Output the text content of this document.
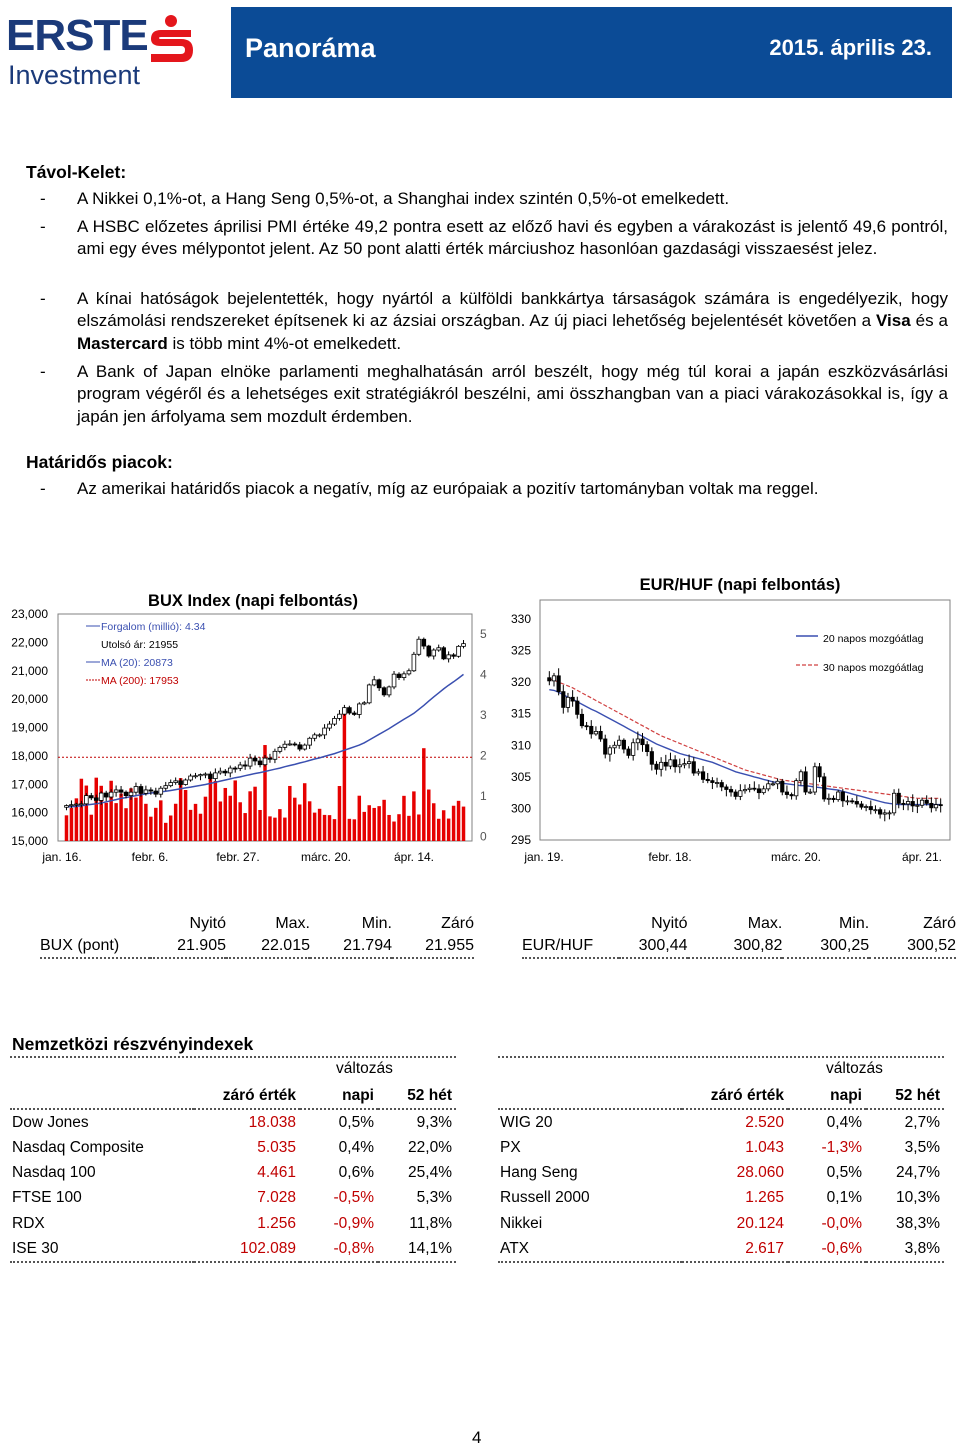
ERSTE
Investment
Panoráma	2015. április 23.
Távol-Kelet:
- A Nikkei 0,1%-ot, a Hang Seng 0,5%-ot, a Shanghai index szintén 0,5%-ot emelkedett.
- A HSBC előzetes áprilisi PMI értéke 49,2 pontra esett az előző havi és egyben a várakozást is jelentő 49,6 pontról, ami egy éves mélypontot jelent. Az 50 pont alatti érték márciushoz hasonlóan gazdasági visszaesést jelez.
- A kínai hatóságok bejelentették, hogy nyártól a külföldi bankkártya társaságok számára is engedélyezik, hogy elszámolási rendszereket építsenek ki az ázsiai országban. Az új piaci lehetőség bejelentését követően a Visa és a Mastercard is több mint 4%-ot emelkedett.
- A Bank of Japan elnöke parlamenti meghalhatásán arról beszélt, hogy még túl korai a japán eszközvásárlási program végéről és a lehetséges exit stratégiákról beszélni, ami összhangban van a piaci várakozásokkal is, így a japán jen árfolyama sem mozdult érdemben.
Határidős piacok:
- Az amerikai határidős piacok a negatív, míg az európaiak a pozitív tartományban voltak ma reggel.
BUX Index (napi felbontás)
23,000
22,000
21,000
20,000
19,000
18,000
17,000
16,000
15,000
5
4
3
2
1
0
Forgalom (millió): 4.34
Utolsó ár: 21955
MA (20): 20873
MA (200): 17953
jan. 16.	febr. 6.	febr. 27.	márc. 20.	ápr. 14.
EUR/HUF (napi felbontás)
330
325
320
315
310
305
300
295
20 napos mozgóátlag
30 napos mozgóátlag
jan. 19.	febr. 18.	márc. 20.	ápr. 21.
	Nyitó	Max.	Min.	Záró
BUX (pont)	21.905	22.015	21.794	21.955
	Nyitó	Max.	Min.	Záró
EUR/HUF	300,44	300,82	300,25	300,52
Nemzetközi részvényindexek
változás	változás
	záró érték	napi	52 hét
Dow Jones	18.038	0,5%	9,3%
Nasdaq Composite	5.035	0,4%	22,0%
Nasdaq 100	4.461	0,6%	25,4%
FTSE 100	7.028	-0,5%	5,3%
RDX	1.256	-0,9%	11,8%
ISE 30	102.089	-0,8%	14,1%
	záró érték	napi	52 hét
WIG 20	2.520	0,4%	2,7%
PX	1.043	-1,3%	3,5%
Hang Seng	28.060	0,5%	24,7%
Russell 2000	1.265	0,1%	10,3%
Nikkei	20.124	-0,0%	38,3%
ATX	2.617	-0,6%	3,8%
4
